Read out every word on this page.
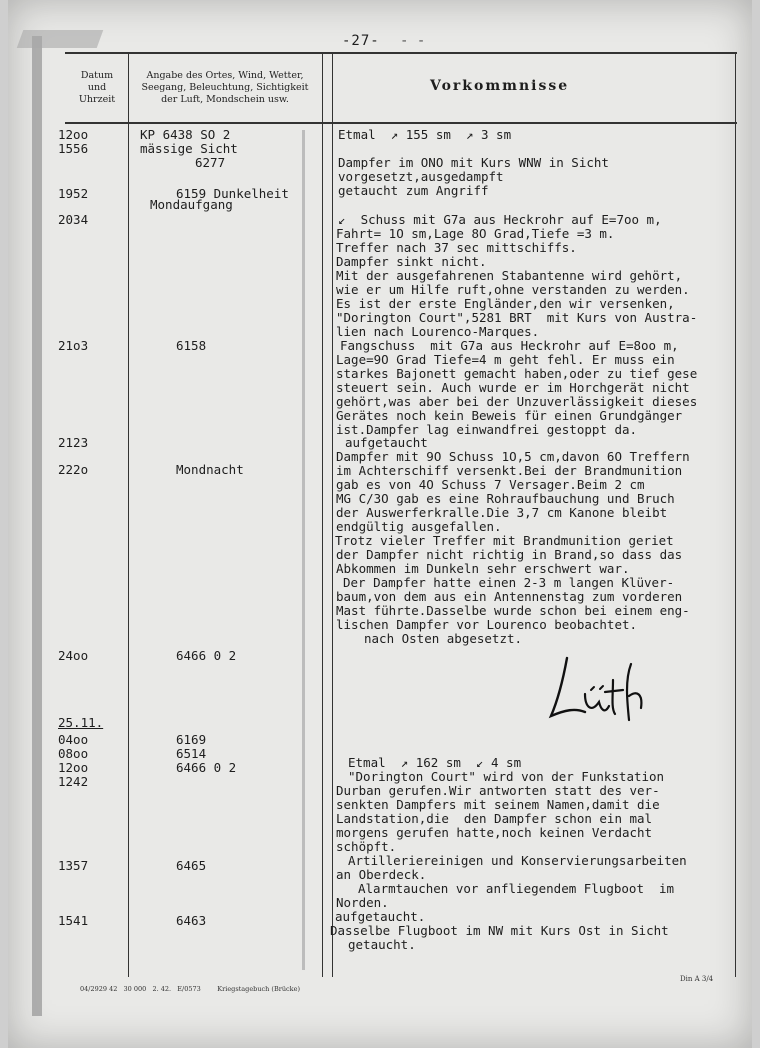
-27- - -
Datum
und
Uhrzeit
Angabe des Ortes, Wind, Wetter,
Seegang, Beleuchtung, Sichtigkeit
der Luft, Mondschein usw.
Vorkommnisse
12oo
1556
1952
2034
21o3
2123
222o
24oo
25.11.
04oo
08oo
12oo
1242
1357
1541
KP 6438 SO 2
mässige Sicht
6277
6159 Dunkelheit
Mondaufgang
6158
Mondnacht
6466 0 2
6169
6514
6466 0 2
6465
6463
Etmal  ↗ 155 sm  ↗ 3 sm
Dampfer im ONO mit Kurs WNW in Sicht
vorgesetzt,ausgedampft
getaucht zum Angriff
↙  Schuss mit G7a aus Heckrohr auf E=7oo m,
Fahrt= 1O sm,Lage 8O Grad,Tiefe =3 m.
Treffer nach 37 sec mittschiffs.
Dampfer sinkt nicht.
Mit der ausgefahrenen Stabantenne wird gehört,
wie er um Hilfe ruft,ohne verstanden zu werden.
Es ist der erste Engländer,den wir versenken,
"Dorington Court",5281 BRT  mit Kurs von Austra-
lien nach Lourenco-Marques.
Fangschuss  mit G7a aus Heckrohr auf E=8oo m,
Lage=9O Grad Tiefe=4 m geht fehl. Er muss ein
starkes Bajonett gemacht haben,oder zu tief gese
steuert sein. Auch wurde er im Horchgerät nicht
gehört,was aber bei der Unzuverlässigkeit dieses
Gerätes noch kein Beweis für einen Grundgänger
ist.Dampfer lag einwandfrei gestoppt da.
aufgetaucht
Dampfer mit 9O Schuss 1O,5 cm,davon 6O Treffern
im Achterschiff versenkt.Bei der Brandmunition
gab es von 4O Schuss 7 Versager.Beim 2 cm
MG C/3O gab es eine Rohraufbauchung und Bruch
der Auswerferkralle.Die 3,7 cm Kanone bleibt
endgültig ausgefallen.
Trotz vieler Treffer mit Brandmunition geriet
der Dampfer nicht richtig in Brand,so dass das
Abkommen im Dunkeln sehr erschwert war.
Der Dampfer hatte einen 2-3 m langen Klüver-
baum,von dem aus ein Antennenstag zum vorderen
Mast führte.Dasselbe wurde schon bei einem eng-
lischen Dampfer vor Lourenco beobachtet.
nach Osten abgesetzt.
Etmal  ↗ 162 sm  ↙ 4 sm
"Dorington Court" wird von der Funkstation
Durban gerufen.Wir antworten statt des ver-
senkten Dampfers mit seinem Namen,damit die
Landstation,die  den Dampfer schon ein mal
morgens gerufen hatte,noch keinen Verdacht
schöpft.
Artilleriereinigen und Konservierungsarbeiten
an Oberdeck.
Alarmtauchen vor anfliegendem Flugboot  im
Norden.
aufgetaucht.
Dasselbe Flugboot im NW mit Kurs Ost in Sicht
getaucht.
04/2929 42   30 000   2. 42.   E/0573        Kriegstagebuch (Brücke)
Din A 3/4
